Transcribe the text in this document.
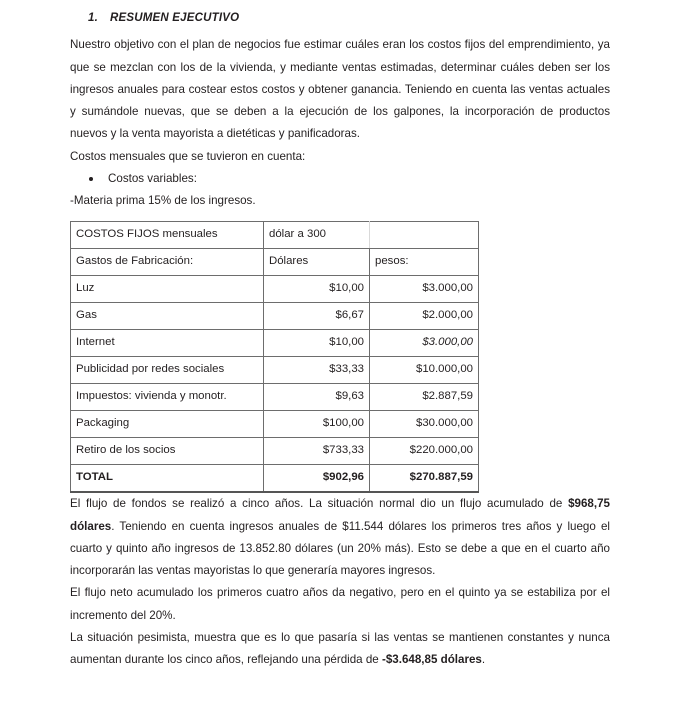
1. RESUMEN EJECUTIVO

Nuestro objetivo con el plan de negocios fue estimar cuáles eran los costos fijos del emprendimiento, ya que se mezclan con los de la vivienda, y mediante ventas estimadas, determinar cuáles deben ser los ingresos anuales para costear estos costos y obtener ganancia. Teniendo en cuenta las ventas actuales y sumándole nuevas, que se deben a la ejecución de los galpones, la incorporación de productos nuevos y la venta mayorista a dietéticas y panificadoras.

Costos mensuales que se tuvieron en cuenta:

Costos variables:

-Materia prima 15% de los ingresos.

COSTOS FIJOS mensuales	dólar a 300	
Gastos de Fabricación:	Dólares	pesos:
Luz	$10,00	$3.000,00
Gas	$6,67	$2.000,00
Internet	$10,00	$3.000,00
Publicidad por redes sociales	$33,33	$10.000,00
Impuestos: vivienda y monotr.	$9,63	$2.887,59
Packaging	$100,00	$30.000,00
Retiro de los socios	$733,33	$220.000,00
TOTAL	$902,96	$270.887,59

El flujo de fondos se realizó a cinco años. La situación normal dio un flujo acumulado de $968,75 dólares. Teniendo en cuenta ingresos anuales de $11.544 dólares los primeros tres años y luego el cuarto y quinto año ingresos de 13.852.80 dólares (un 20% más). Esto se debe a que en el cuarto año incorporarán las ventas mayoristas lo que generaría mayores ingresos.

El flujo neto acumulado los primeros cuatro años da negativo, pero en el quinto ya se estabiliza por el incremento del 20%.

La situación pesimista, muestra que es lo que pasaría si las ventas se mantienen constantes y nunca aumentan durante los cinco años, reflejando una pérdida de -$3.648,85 dólares.
